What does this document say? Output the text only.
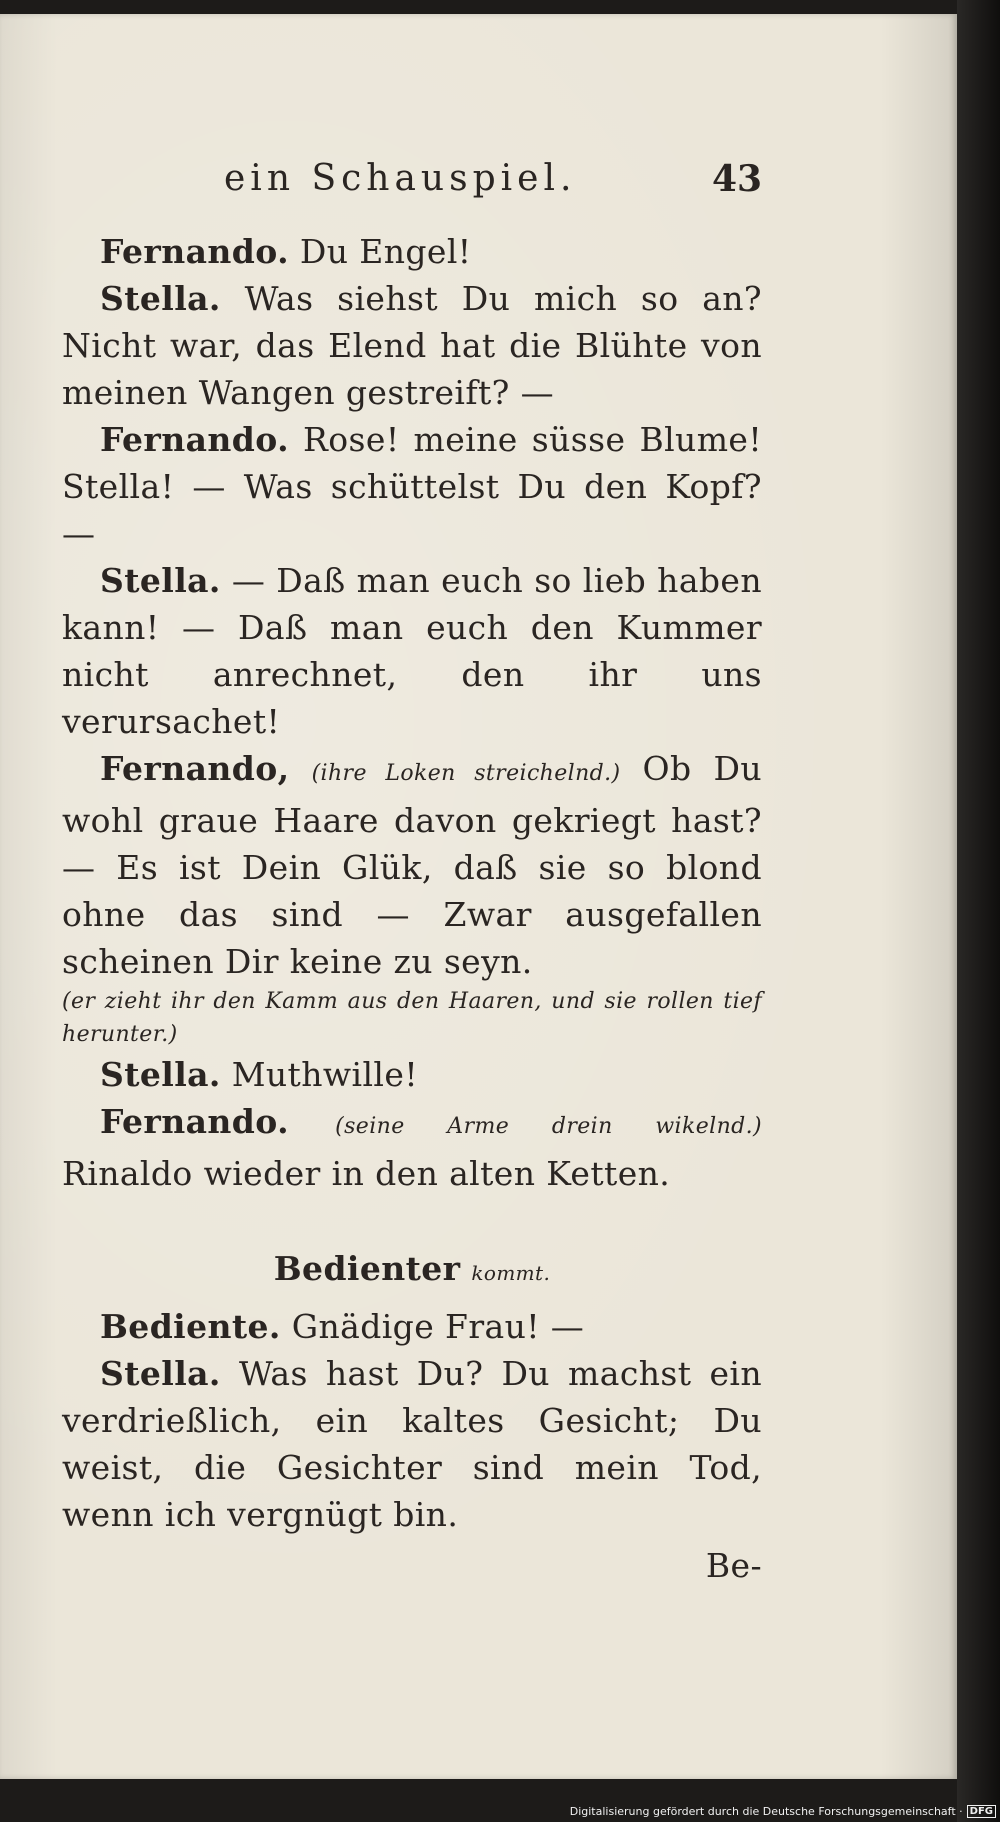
ein Schauspiel.	43

Fernando. Du Engel!

Stella. Was siehst Du mich so an? Nicht war, das Elend hat die Blühte von meinen Wangen gestreift? —

Fernando. Rose! meine süsse Blume! Stella! — Was schüttelst Du den Kopf? —

Stella. — Daß man euch so lieb haben kann! — Daß man euch den Kummer nicht anrechnet, den ihr uns verursachet!

Fernando, (ihre Loken streichelnd.) Ob Du wohl graue Haare davon gekriegt hast? — Es ist Dein Glük, daß sie so blond ohne das sind — Zwar ausgefallen scheinen Dir keine zu seyn.

(er zieht ihr den Kamm aus den Haaren, und sie rollen tief herunter.)

Stella. Muthwille!

Fernando. (seine Arme drein wikelnd.) Rinaldo wieder in den alten Ketten.

Bedienter kommt.

Bediente. Gnädige Frau! —

Stella. Was hast Du? Du machst ein verdrießlich, ein kaltes Gesicht; Du weist, die Gesichter sind mein Tod, wenn ich vergnügt bin.

Be-

Digitalisierung gefördert durch die Deutsche Forschungsgemeinschaft · DFG
